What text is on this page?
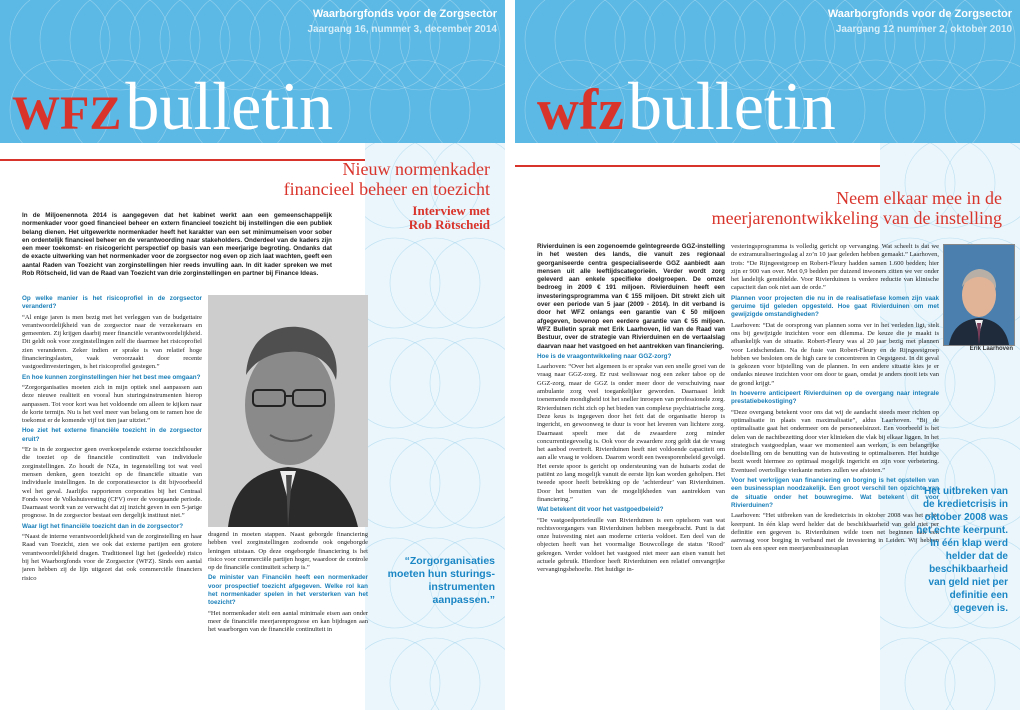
Waarborgfonds voor de Zorgsector
Jaargang 16, nummer 3, december 2014
WFZ bulletin
Nieuw normenkader
financieel beheer en toezicht
Interview met
Rob Rötscheid

In de Miljoenennota 2014 is aangegeven dat het kabinet werkt aan een gemeenschappelijk normenkader voor goed financieel beheer en extern financieel toezicht bij instellingen die een publiek belang dienen. Het uitgewerkte normenkader heeft het karakter van een set minimumeisen voor sober en ordentelijk financieel beheer en de verantwoording naar stakeholders. Onderdeel van de kaders zijn een meer toekomst- en risicogericht perspectief op basis van een meerjarige begroting. Ondanks dat de exacte uitwerking van het normenkader voor de zorgsector nog even op zich laat wachten, geeft een aantal Raden van Toezicht van zorginstellingen hier reeds invulling aan. In dit kader spreken we met Rob Rötscheid, lid van de Raad van Toezicht van drie zorginstellingen en partner bij Finance Ideas.

Op welke manier is het risicoprofiel in de zorgsector veranderd?

“Al enige jaren is men bezig met het verleggen van de budgettaire verantwoordelijkheid van de zorgsector naar de verzekeraars en gemeenten. Zij krijgen daarbij meer financiële verantwoordelijkheid. Dit geldt ook voor zorginstellingen zelf die daarmee het risicoprofiel zien veranderen. Zeker indien er sprake is van relatief hoge financieringslasten, vaak veroorzaakt door recente vastgoedinvesteringen, is het risicoprofiel gestegen.”

En hoe kunnen zorginstellingen hier het best mee omgaan?

“Zorgorganisaties moeten zich in mijn optiek snel aanpassen aan deze nieuwe realiteit en vooral hun sturingsinstrumenten hierop aanpassen. Tot voor kort was het voldoende om alleen te kijken naar de korte termijn. Nu is het veel meer van belang om te ramen hoe de toekomst er de komende vijf tot tien jaar uitziet.”

Hoe ziet het externe financiële toezicht in de zorgsector eruit?

“Er is in de zorgsector geen overkoepelende externe toezichthouder die toeziet op de financiële continuïteit van individuele zorginstellingen. Zo houdt de NZa, in tegenstelling tot wat veel mensen denken, geen toezicht op de financiële situatie van individuele instellingen. In de corporatiesector is dit bijvoorbeeld wel het geval. Jaarlijks rapporteren corporaties bij het Centraal Fonds voor de Volkshuisvesting (CFV) over de voorgaande periode. Daarnaast wordt van ze verwacht dat zij inzicht geven in een 5-jarige prognose. In de zorgsector bestaat een dergelijk instituut niet.”

Waar ligt het financiële toezicht dan in de zorgsector?

“Naast de interne verantwoordelijkheid van de zorginstelling en haar Raad van Toezicht, zien we ook dat externe partijen een grotere verantwoordelijkheid dragen. Traditioneel ligt het (gedeelde) risico bij het Waarborgfonds voor de Zorgsector (WFZ). Sinds een aantal jaren hebben zij de lijn uitgezet dat ook commerciële financiers risico

dragend in moeten stappen. Naast geborgde financiering hebben veel zorginstellingen zodoende ook ongeborgde leningen uitstaan. Op deze ongeborgde financiering is het risico voor commerciële partijen hoger, waardoor de controle op de financiële continuïteit scherp is.”

De minister van Financiën heeft een normenkader voor prospectief toezicht afgegeven. Welke rol kan het normenkader spelen in het versterken van het toezicht?

“Het normenkader stelt een aantal minimale eisen aan onder meer de financiële meerjarenprognose en kan bijdragen aan het waarborgen van de financiële continuïteit in

“Zorgorganisaties moeten hun sturings-instrumenten aanpassen.”
Waarborgfonds voor de Zorgsector
Jaargang 12 nummer 2, oktober 2010
wfz bulletin
Neem elkaar mee in de
meerjarenontwikkeling van de instelling
Erik Laarhoven

Rivierduinen is een zogenoemde geïntegreerde GGZ-instelling in het westen des lands, die vanuit zes regionaal georganiseerde centra gespecialiseerde GGZ aanbiedt aan mensen uit alle leeftijdscategorieën. Verder wordt zorg geleverd aan enkele specifieke doelgroepen. De omzet bedroeg in 2009 € 191 miljoen. Rivierduinen heeft een investeringsprogramma van € 155 miljoen. Dit strekt zich uit over een periode van 5 jaar (2009 - 2014). In dit verband is door het WFZ onlangs een garantie van € 50 miljoen afgegeven, bovenop een eerdere garantie van € 55 miljoen. WFZ Bulletin sprak met Erik Laarhoven, lid van de Raad van Bestuur, over de strategie van Rivierduinen en de vertaalslag daarvan naar het vastgoed en het aantrekken van financiering.

Hoe is de vraagontwikkeling naar GGZ-zorg?

Laarhoven: “Over het algemeen is er sprake van een snelle groei van de vraag naar GGZ-zorg. Er rust weliswaar nog een zeker taboe op de GGZ-zorg, maar de GGZ is onder meer door de verschuiving naar ambulante zorg veel toegankelijker geworden. Daarnaast leidt toenemende mondigheid tot het sneller inroepen van professionele zorg. Rivierduinen richt zich op het bieden van complexe psychiatrische zorg. Deze keus is ingegeven door het feit dat de organisatie hierop is ingericht, en gewoonweg te duur is voor het leveren van lichtere zorg. Daarnaast speelt mee dat de zwaardere zorg minder concurrentiegevoelig is. Ook voor de zwaardere zorg geldt dat de vraag het aanbod overtreft. Rivierduinen heeft niet voldoende capaciteit om aan alle vraag te voldoen. Daarom wordt een tweesporenbeleid gevolgd. Het eerste spoor is gericht op ondersteuning van de huisarts zodat de patiënt zo lang mogelijk vanuit de eerste lijn kan worden geholpen. Het tweede spoor heeft betrekking op de ‘achterdeur’ van Rivierduinen. Door het benutten van de mogelijkheden van aantrekken van financiering.”

Wat betekent dit voor het vastgoedbeleid?

“De vastgoedportefeuille van Rivierduinen is een optelsom van wat rechtsvoorgangers van Rivierduinen hebben meegebracht. Punt is dat onze huisvesting niet aan moderne criteria voldoet. Een deel van de objecten heeft van het voormalige Bouwcollege de status ‘Rood’ gekregen. Verder voldoet het vastgoed niet meer aan eisen vanuit het actuele gebruik. Hierdoor heeft Rivierduinen een relatief omvangrijke vervangingsbehoefte. Het huidige in-

vesteringsprogramma is volledig gericht op vervanging. Wat scheelt is dat we de extramuraliseringsslag al zo’n 10 jaar geleden hebben gemaakt.” Laarhoven, trots: “De Rijngeestgroep en Robert-Fleury hadden samen 1.600 bedden; hier zijn er 900 van over. Met 0,9 bedden per duizend inwoners zitten we ver onder het landelijk gemiddelde. Voor Rivierduinen is verdere reductie van klinische capaciteit dan ook niet aan de orde.”

Plannen voor projecten die nu in de realisatiefase komen zijn vaak geruime tijd geleden opgesteld. Hoe gaat Rivierduinen om met gewijzigde omstandigheden?

Laarhoven: “Dat de oorsprong van plannen soms ver in het verleden ligt, stelt ons bij gewijzigde inzichten voor een dilemma. De keuze die je maakt is afhankelijk van de situatie. Robert-Fleury was al 20 jaar bezig met plannen voor Leidschendam. Na de fusie van Robert-Fleury en de Rijngeestgroep hebben we besloten om de high care te concentreren in Oegstgeest. In dit geval is gekozen voor bijstelling van de plannen. In een andere situatie kies je er ondanks nieuwe inzichten voor om door te gaan, omdat je anders nooit iets van de grond krijgt.”

In hoeverre anticipeert Rivierduinen op de overgang naar integrale prestatiebekostiging?

“Deze overgang betekent voor ons dat wij de aandacht steeds meer richten op optimalisatie in plaats van maximalisatie”, aldus Laarhoven. “Bij de optimalisatie gaat het ondermeer om de personeelsinzet. Een voorbeeld is het delen van de nachtbezetting door vier klinieken die vlak bij elkaar liggen. In het strategisch vastgoedplan, waar we momenteel aan werken, is een belangrijke doelstelling om de benutting van de huisvesting te optimaliseren. Het huidige bezit wordt hiermee zo optimaal mogelijk ingericht en zijn voor verbetering. Eventueel overtollige vierkante meters zullen we afstoten.”

Voor het verkrijgen van financiering en borging is het opstellen van een businessplan noodzakelijk. Een groot verschil ten opzichte van de situatie onder het bouwregime. Wat betekent dit voor Rivierduinen?

Laarhoven: “Het uitbreken van de kredietcrisis in oktober 2008 was het echte keerpunt. In één klap werd helder dat de beschikbaarheid van geld niet per definitie een gegeven is. Rivierduinen wilde toen net beginnen aan een aanvraag voor borging in verband met de investering in Leiden. Wij hebben toen als een speer een meerjarenbusinessplan

Het uitbreken van de kredietcrisis in oktober 2008 was het echte keerpunt. In één klap werd helder dat de beschikbaarheid van geld niet per definitie een gegeven is.
